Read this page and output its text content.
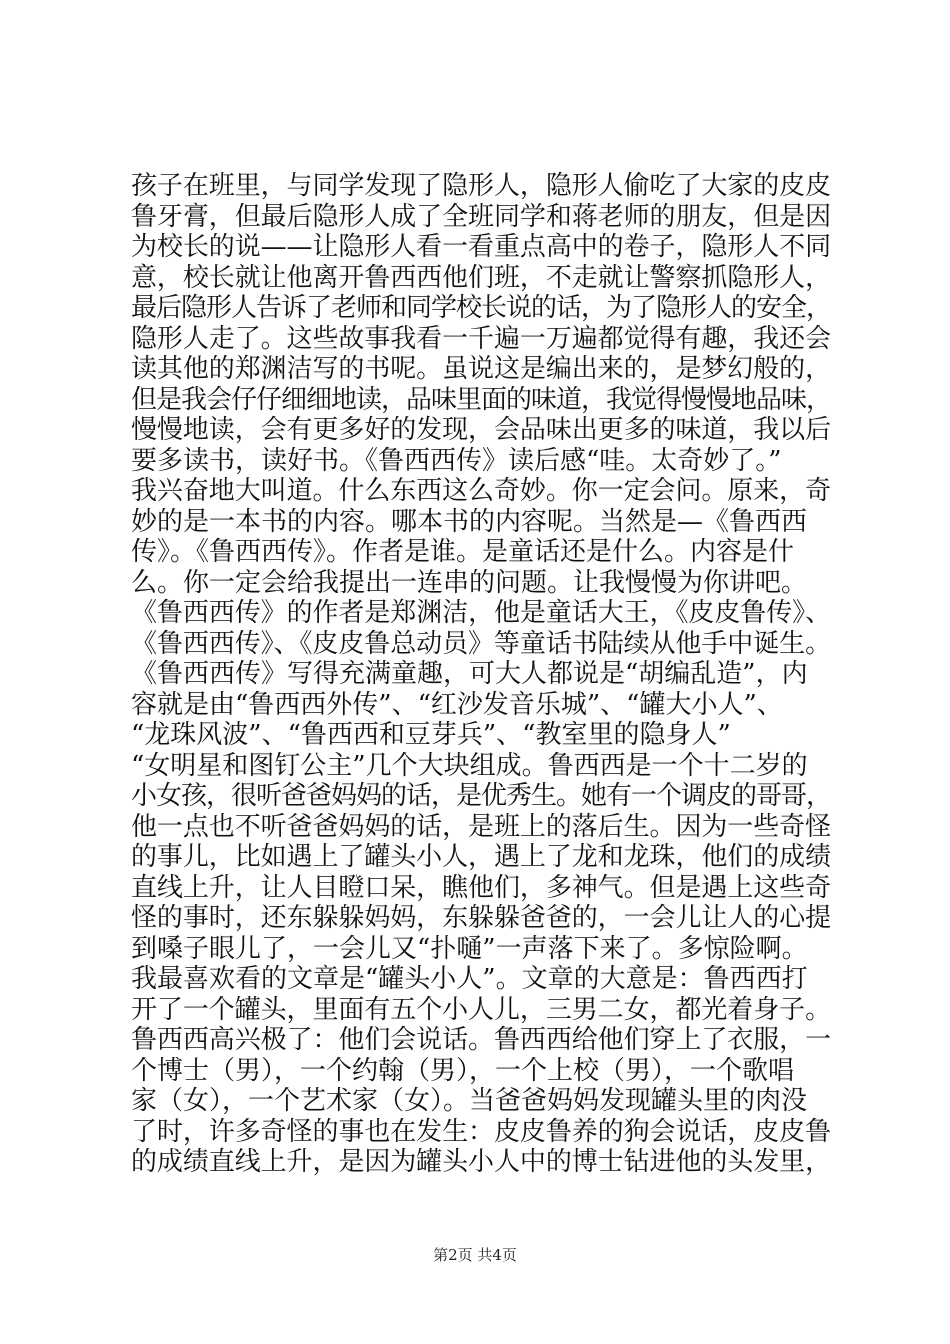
孩子在班里，与同学发现了隐形人，隐形人偷吃了大家的皮皮
鲁牙膏，但最后隐形人成了全班同学和蒋老师的朋友，但是因
为校长的说——让隐形人看一看重点高中的卷子，隐形人不同
意，校长就让他离开鲁西西他们班，不走就让警察抓隐形人，
最后隐形人告诉了老师和同学校长说的话，为了隐形人的安全，
隐形人走了。这些故事我看一千遍一万遍都觉得有趣，我还会
读其他的郑渊洁写的书呢。虽说这是编出来的，是梦幻般的，
但是我会仔仔细细地读，品味里面的味道，我觉得慢慢地品味，
慢慢地读，会有更多好的发现，会品味出更多的味道，我以后
要多读书，读好书。《鲁西西传》读后感“哇。太奇妙了。”
我兴奋地大叫道。什么东西这么奇妙。你一定会问。原来，奇
妙的是一本书的内容。哪本书的内容呢。当然是—《鲁西西
传》。《鲁西西传》。作者是谁。是童话还是什么。内容是什
么。你一定会给我提出一连串的问题。让我慢慢为你讲吧。
《鲁西西传》的作者是郑渊洁，他是童话大王，《皮皮鲁传》、
《鲁西西传》、《皮皮鲁总动员》等童话书陆续从他手中诞生。
《鲁西西传》写得充满童趣，可大人都说是“胡编乱造”，内
容就是由“鲁西西外传”、“红沙发音乐城”、“罐大小人”、
“龙珠风波”、“鲁西西和豆芽兵”、“教室里的隐身人”
“女明星和图钉公主”几个大块组成。鲁西西是一个十二岁的
小女孩，很听爸爸妈妈的话，是优秀生。她有一个调皮的哥哥，
他一点也不听爸爸妈妈的话，是班上的落后生。因为一些奇怪
的事儿，比如遇上了罐头小人，遇上了龙和龙珠，他们的成绩
直线上升，让人目瞪口呆，瞧他们，多神气。但是遇上这些奇
怪的事时，还东躲躲妈妈，东躲躲爸爸的，一会儿让人的心提
到嗓子眼儿了，一会儿又“扑嗵”一声落下来了。多惊险啊。
我最喜欢看的文章是“罐头小人”。文章的大意是：鲁西西打
开了一个罐头，里面有五个小人儿，三男二女，都光着身子。
鲁西西高兴极了：他们会说话。鲁西西给他们穿上了衣服，一
个博士（男），一个约翰（男），一个上校（男），一个歌唱
家（女），一个艺术家（女）。当爸爸妈妈发现罐头里的肉没
了时，许多奇怪的事也在发生：皮皮鲁养的狗会说话，皮皮鲁
的成绩直线上升，是因为罐头小人中的博士钻进他的头发里，
第2页 共4页
